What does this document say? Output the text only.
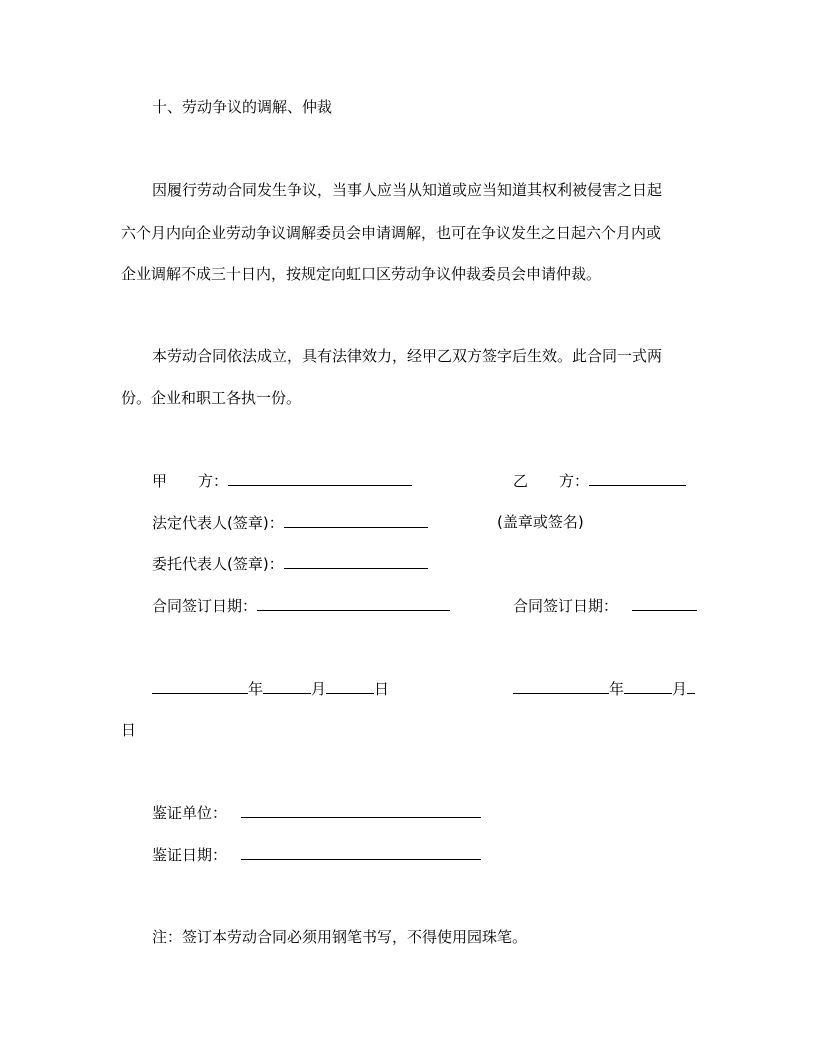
十、劳动争议的调解、仲裁
因履行劳动合同发生争议，当事人应当从知道或应当知道其权利被侵害之日起
六个月内向企业劳动争议调解委员会申请调解，也可在争议发生之日起六个月内或
企业调解不成三十日内，按规定向虹口区劳动争议仲裁委员会申请仲裁。
本劳动合同依法成立，具有法律效力，经甲乙双方签字后生效。此合同一式两
份。企业和职工各执一份。
甲 方：	乙 方：
法定代表人(签章)：	(盖章或签名)
委托代表人(签章)：
合同签订日期：	合同签订日期：
年	月	日	年	月
日
鉴证单位：
鉴证日期：
注：签订本劳动合同必须用钢笔书写，不得使用园珠笔。
